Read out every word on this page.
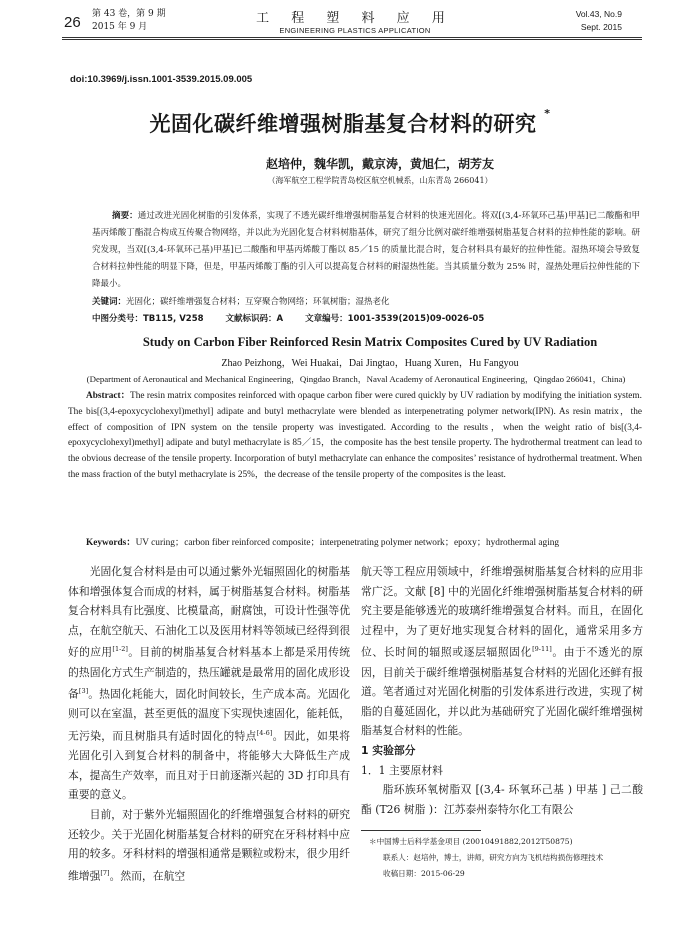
26 第 43 卷，第 9 期
2015 年 9 月
工 程 塑 料 应 用
ENGINEERING PLASTICS APPLICATION
Vol.43, No.9
Sept. 2015
doi:10.3969/j.issn.1001-3539.2015.09.005
光固化碳纤维增强树脂基复合材料的研究 *
赵培仲，魏华凯，戴京涛，黄旭仁，胡芳友
（海军航空工程学院青岛校区航空机械系，山东青岛 266041）
摘要：通过改进光固化树脂的引发体系，实现了不透光碳纤维增强树脂基复合材料的快速光固化。将双[(3,4-环氧环己基)甲基]已二酸酯和甲基丙烯酸丁酯混合构成互传聚合物网络，并以此为光固化复合材料树脂基体，研究了组分比例对碳纤维增强树脂基复合材料的拉伸性能的影响。研究发现，当双[(3,4-环氧环己基)甲基]已二酸酯和甲基丙烯酸丁酯以 85／15 的质量比混合时，复合材料具有最好的拉伸性能。湿热环境会导致复合材料拉伸性能的明显下降，但是，甲基丙烯酸丁酯的引入可以提高复合材料的耐湿热性能。当其质量分数为 25% 时，湿热处理后拉伸性能的下降最小。
关键词：光固化；碳纤维增强复合材料；互穿聚合物网络；环氧树脂；湿热老化
中图分类号：TB115, V258	文献标识码：A	文章编号：1001-3539(2015)09-0026-05
Study on Carbon Fiber Reinforced Resin Matrix Composites Cured by UV Radiation
Zhao Peizhong，Wei Huakai，Dai Jingtao，Huang Xuren，Hu Fangyou
(Department of Aeronautical and Mechanical Engineering，Qingdao Branch，Naval Academy of Aeronautical Engineering，Qingdao 266041，China)
Abstract：The resin matrix composites reinforced with opaque carbon fiber were cured quickly by UV radiation by modifying the initiation system. The bis[(3,4-epoxycyclohexyl)methyl] adipate and butyl methacrylate were blended as interpenetrating polymer network(IPN). As resin matrix，the effect of composition of IPN system on the tensile property was investigated. According to the results，when the weight ratio of bis[(3,4-epoxycyclohexyl)methyl] adipate and butyl methacrylate is 85／15，the composite has the best tensile property. The hydrothermal treatment can lead to the obvious decrease of the tensile property. Incorporation of butyl methacrylate can enhance the composites’ resistance of hydrothermal treatment. When the mass fraction of the butyl methacrylate is 25%，the decrease of the tensile property of the composites is the least.
Keywords：UV curing；carbon fiber reinforced composite；interpenetrating polymer network；epoxy；hydrothermal aging

光固化复合材料是由可以通过紫外光辐照固化的树脂基体和增强体复合而成的材料，属于树脂基复合材料。树脂基复合材料具有比强度、比模量高，耐腐蚀，可设计性强等优点，在航空航天、石油化工以及医用材料等领域已经得到很好的应用[1-2]。目前的树脂基复合材料基本上都是采用传统的热固化方式生产制造的，热压罐就是最常用的固化成形设备[3]。热固化耗能大，固化时间较长，生产成本高。光固化则可以在室温，甚至更低的温度下实现快速固化，能耗低，无污染，而且树脂具有适时固化的特点[4-6]。因此，如果将光固化引入到复合材料的制备中，将能够大大降低生产成本，提高生产效率，而且对于日前逐渐兴起的 3D 打印具有重要的意义。

目前，对于紫外光辐照固化的纤维增强复合材料的研究还较少。关于光固化树脂基复合材料的研究在牙科材料中应用的较多。牙科材料的增强相通常是颗粒或粉末，很少用纤维增强[7]。然而，在航空

航天等工程应用领域中，纤维增强树脂基复合材料的应用非常广泛。文献 [8] 中的光固化纤维增强树脂基复合材料的研究主要是能够透光的玻璃纤维增强复合材料。而且，在固化过程中，为了更好地实现复合材料的固化，通常采用多方位、长时间的辐照或逐层辐照固化[9-11]。由于不透光的原因，目前关于碳纤维增强树脂基复合材料的光固化还鲜有报道。笔者通过对光固化树脂的引发体系进行改进，实现了树脂的自蔓延固化，并以此为基础研究了光固化碳纤维增强树脂基复合材料的性能。

1 实验部分

1．1 主要原材料

脂环族环氧树脂双 [(3,4- 环氧环己基 ) 甲基 ] 己二酸酯 (T26 树脂 )：江苏泰州泰特尔化工有限公

＊中国博士后科学基金项目 (20010491882,2012T50875)
联系人：赵培仲，博士，讲师，研究方向为飞机结构损伤修理技术
收稿日期：2015-06-29
